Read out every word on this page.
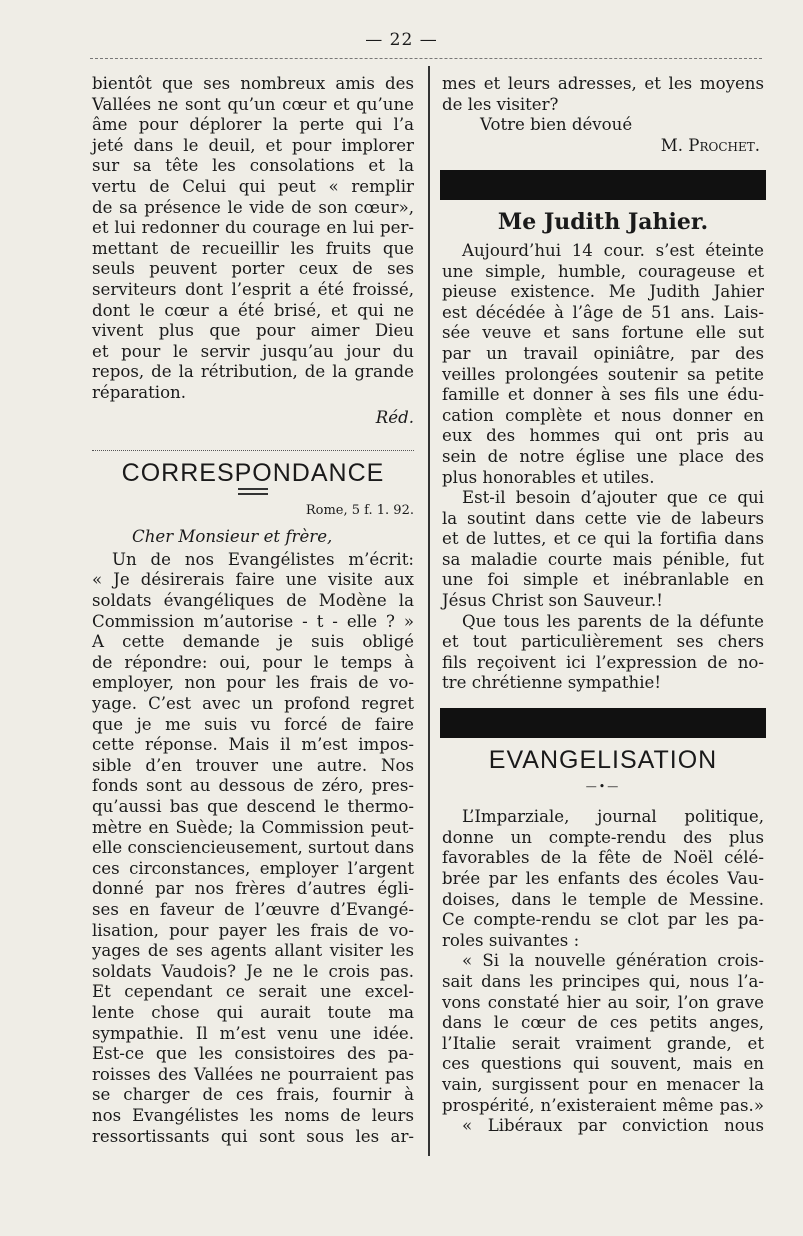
— 22 —
bientôt que ses nombreux amis des
Vallées ne sont qu’un cœur et qu’une
âme pour déplorer la perte qui l’a
jeté dans le deuil, et pour implorer
sur sa tête les consolations et la
vertu de Celui qui peut « remplir
de sa présence le vide de son cœur»,
et lui redonner du courage en lui per-
mettant de recueillir les fruits que
seuls peuvent porter ceux de ses
serviteurs dont l’esprit a été froissé,
dont le cœur a été brisé, et qui ne
vivent plus que pour aimer Dieu
et pour le servir jusqu’au jour du
repos, de la rétribution, de la grande
réparation.
Réd.
CORRESPONDANCE
Rome, 5 f. 1. 92.
Cher Monsieur et frère,
Un de nos Evangélistes m’écrit:
« Je désirerais faire une visite aux
soldats évangéliques de Modène la
Commission m’autorise - t - elle ? »
A cette demande je suis obligé
de répondre: oui, pour le temps à
employer, non pour les frais de vo-
yage. C’est avec un profond regret
que je me suis vu forcé de faire
cette réponse. Mais il m’est impos-
sible d’en trouver une autre. Nos
fonds sont au dessous de zéro, pres-
qu’aussi bas que descend le thermo-
mètre en Suède; la Commission peut-
elle consciencieusement, surtout dans
ces circonstances, employer l’argent
donné par nos frères d’autres égli-
ses en faveur de l’œuvre d’Evangé-
lisation, pour payer les frais de vo-
yages de ses agents allant visiter les
soldats Vaudois? Je ne le crois pas.
Et cependant ce serait une excel-
lente chose qui aurait toute ma
sympathie. Il m’est venu une idée.
Est-ce que les consistoires des pa-
roisses des Vallées ne pourraient pas
se charger de ces frais, fournir à
nos Evangélistes les noms de leurs
ressortissants qui sont sous les ar-
mes et leurs adresses, et les moyens
de les visiter?
Votre bien dévoué
M. Prochet.
Me Judith Jahier.
Aujourd’hui 14 cour. s’est éteinte
une simple, humble, courageuse et
pieuse existence. Me Judith Jahier
est décédée à l’âge de 51 ans. Lais-
sée veuve et sans fortune elle sut
par un travail opiniâtre, par des
veilles prolongées soutenir sa petite
famille et donner à ses fils une édu-
cation complète et nous donner en
eux des hommes qui ont pris au
sein de notre église une place des
plus honorables et utiles.
Est-il besoin d’ajouter que ce qui
la soutint dans cette vie de labeurs
et de luttes, et ce qui la fortifia dans
sa maladie courte mais pénible, fut
une foi simple et inébranlable en
Jésus Christ son Sauveur.!
Que tous les parents de la défunte
et tout particulièrement ses chers
fils reçoivent ici l’expression de no-
tre chrétienne sympathie!
EVANGELISATION
—•—
L’Imparziale, journal politique,
donne un compte-rendu des plus
favorables de la fête de Noël célé-
brée par les enfants des écoles Vau-
doises, dans le temple de Messine.
Ce compte-rendu se clot par les pa-
roles suivantes :
« Si la nouvelle génération crois-
sait dans les principes qui, nous l’a-
vons constaté hier au soir, l’on grave
dans le cœur de ces petits anges,
l’Italie serait vraiment grande, et
ces questions qui souvent, mais en
vain, surgissent pour en menacer la
prospérité, n’existeraient même pas.»
« Libéraux par conviction nous
